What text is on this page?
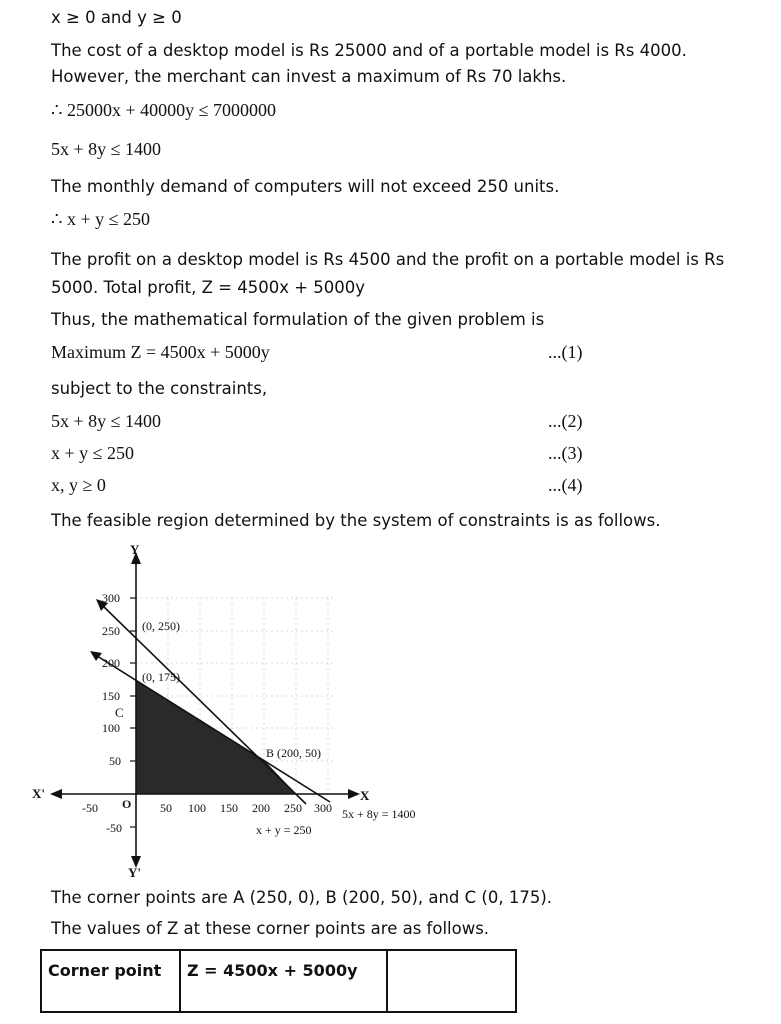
x ≥ 0 and y ≥ 0
The cost of a desktop model is Rs 25000 and of a portable model is Rs 4000.
However, the merchant can invest a maximum of Rs 70 lakhs.
∴ 25000x + 40000y ≤ 7000000
5x + 8y ≤ 1400
The monthly demand of computers will not exceed 250 units.
∴ x + y ≤ 250
The profit on a desktop model is Rs 4500 and the profit on a portable model is Rs
5000. Total profit, Z = 4500x + 5000y
Thus, the mathematical formulation of the given problem is
Maximum Z = 4500x + 5000y	...(1)
subject to the constraints,
5x + 8y ≤ 1400	...(2)
x + y ≤ 250	...(3)
x, y ≥ 0	...(4)
The feasible region determined by the system of constraints is as follows.
Y
Y'
X
X'
O
300
250
200
150
100
50
-50
-50	50 100 150 200 250 300
(0, 250)
(0, 175)
C
B (200, 50)
5x + 8y = 1400
x + y = 250
The corner points are A (250, 0), B (200, 50), and C (0, 175).
The values of Z at these corner points are as follows.
Corner point	Z = 4500x + 5000y	
